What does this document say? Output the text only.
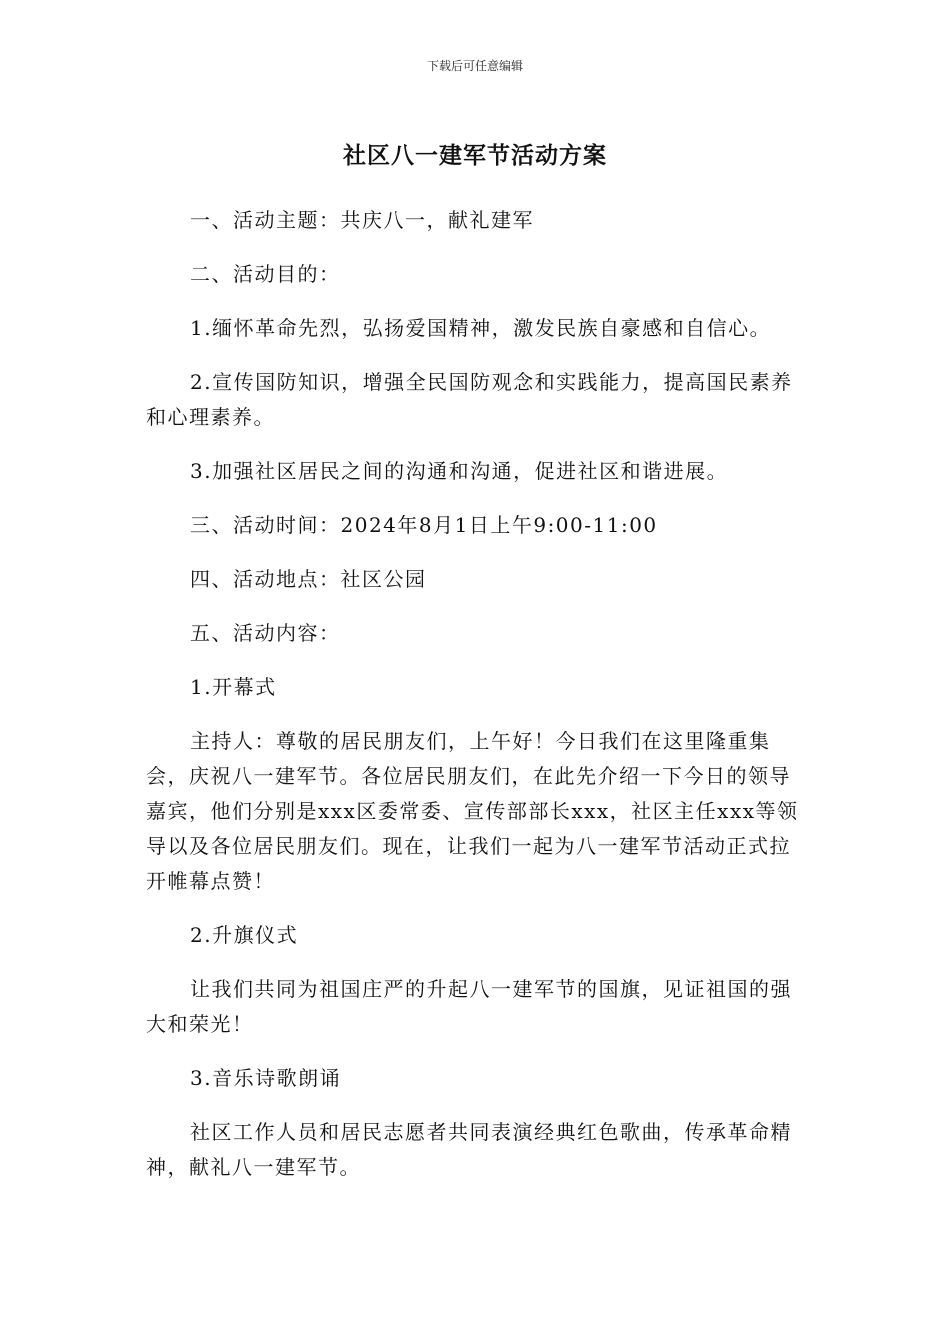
下载后可任意编辑
社区八一建军节活动方案

一、活动主题：共庆八一，献礼建军

二、活动目的：

1.缅怀革命先烈，弘扬爱国精神，激发民族自豪感和自信心。

2.宣传国防知识，增强全民国防观念和实践能力，提高国民素养和心理素养。

3.加强社区居民之间的沟通和沟通，促进社区和谐进展。

三、活动时间：2024年8月1日上午9:00-11:00

四、活动地点：社区公园

五、活动内容：

1.开幕式

主持人：尊敬的居民朋友们，上午好！今日我们在这里隆重集会，庆祝八一建军节。各位居民朋友们，在此先介绍一下今日的领导嘉宾，他们分别是xxx区委常委、宣传部部长xxx，社区主任xxx等领导以及各位居民朋友们。现在，让我们一起为八一建军节活动正式拉开帷幕点赞！

2.升旗仪式

让我们共同为祖国庄严的升起八一建军节的国旗，见证祖国的强大和荣光！

3.音乐诗歌朗诵

社区工作人员和居民志愿者共同表演经典红色歌曲，传承革命精神，献礼八一建军节。
